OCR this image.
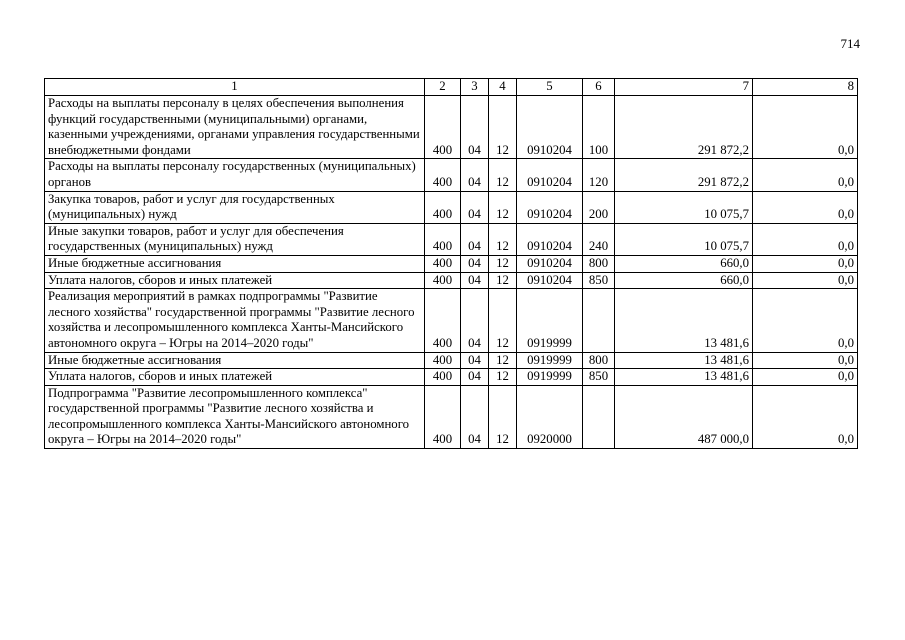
714
1	2	3	4	5	6	7	8
Расходы на выплаты персоналу в целях обеспечения выполнения функций государственными (муниципальными) органами, казенными учреждениями, органами управления государственными внебюджетными фондами	400	04	12	0910204	100	291 872,2	0,0
Расходы на выплаты персоналу государственных (муниципальных) органов	400	04	12	0910204	120	291 872,2	0,0
Закупка товаров, работ и услуг для государственных (муниципальных) нужд	400	04	12	0910204	200	10 075,7	0,0
Иные закупки товаров, работ и услуг для обеспечения государственных (муниципальных) нужд	400	04	12	0910204	240	10 075,7	0,0
Иные бюджетные ассигнования	400	04	12	0910204	800	660,0	0,0
Уплата налогов, сборов и иных платежей	400	04	12	0910204	850	660,0	0,0
Реализация мероприятий в рамках подпрограммы "Развитие лесного хозяйства" государственной программы "Развитие лесного хозяйства и лесопромышленного комплекса Ханты-Мансийского автономного округа – Югры на 2014–2020 годы"	400	04	12	0919999		13 481,6	0,0
Иные бюджетные ассигнования	400	04	12	0919999	800	13 481,6	0,0
Уплата налогов, сборов и иных платежей	400	04	12	0919999	850	13 481,6	0,0
Подпрограмма "Развитие лесопромышленного комплекса" государственной программы "Развитие лесного хозяйства и лесопромышленного комплекса Ханты-Мансийского автономного округа – Югры на 2014–2020 годы"	400	04	12	0920000		487 000,0	0,0
